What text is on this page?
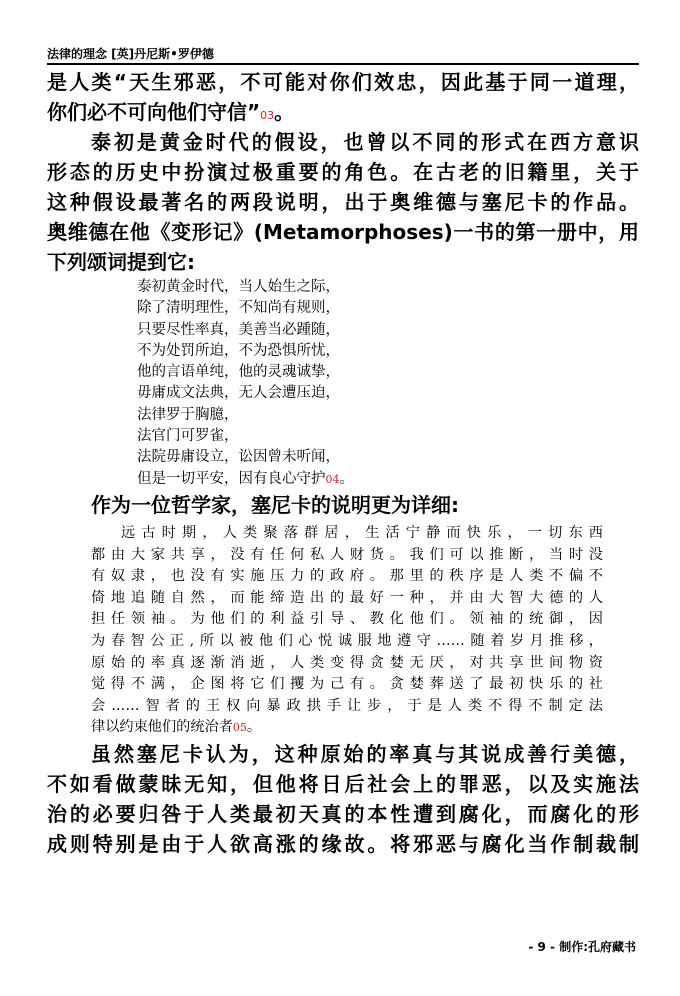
法律的理念 [英]丹尼斯•罗伊德
是人类“天生邪恶，不可能对你们效忠，因此基于同一道理，
你们必不可向他们守信”03。
泰初是黄金时代的假设，也曾以不同的形式在西方意识
形态的历史中扮演过极重要的角色。在古老的旧籍里，关于
这种假设最著名的两段说明，出于奥维德与塞尼卡的作品。
奥维德在他《变形记》(Metamorphoses)一书的第一册中，用
下列颂词提到它:
泰初黄金时代，当人始生之际，
除了清明理性，不知尚有规则，
只要尽性率真，美善当必踵随，
不为处罚所迫，不为恐惧所忧，
他的言语单纯，他的灵魂诚挚，
毋庸成文法典，无人会遭压迫，
法律罗于胸臆，
法官门可罗雀，
法院毋庸设立，讼因曾未听闻，
但是一切平安，因有良心守护04。
作为一位哲学家，塞尼卡的说明更为详细:
远古时期，人类聚落群居，生活宁静而快乐，一切东西
都由大家共享，没有任何私人财货。我们可以推断，当时没
有奴隶，也没有实施压力的政府。那里的秩序是人类不偏不
倚地追随自然，而能缔造出的最好一种，并由大智大德的人
担任领袖。为他们的利益引导、教化他们。领袖的统御，因
为春智公正,所以被他们心悦诚服地遵守……随着岁月推移，
原始的率真逐渐消逝，人类变得贪婪无厌，对共享世间物资
觉得不满，企图将它们攫为己有。贪婪葬送了最初快乐的社
会……智者的王权向暴政拱手让步，于是人类不得不制定法
律以约束他们的统治者05。
虽然塞尼卡认为，这种原始的率真与其说成善行美德，
不如看做蒙昧无知，但他将日后社会上的罪恶，以及实施法
治的必要归咎于人类最初天真的本性遭到腐化，而腐化的形
成则特别是由于人欲高涨的缘故。将邪恶与腐化当作制裁制
- 9 - 制作:孔府藏书
